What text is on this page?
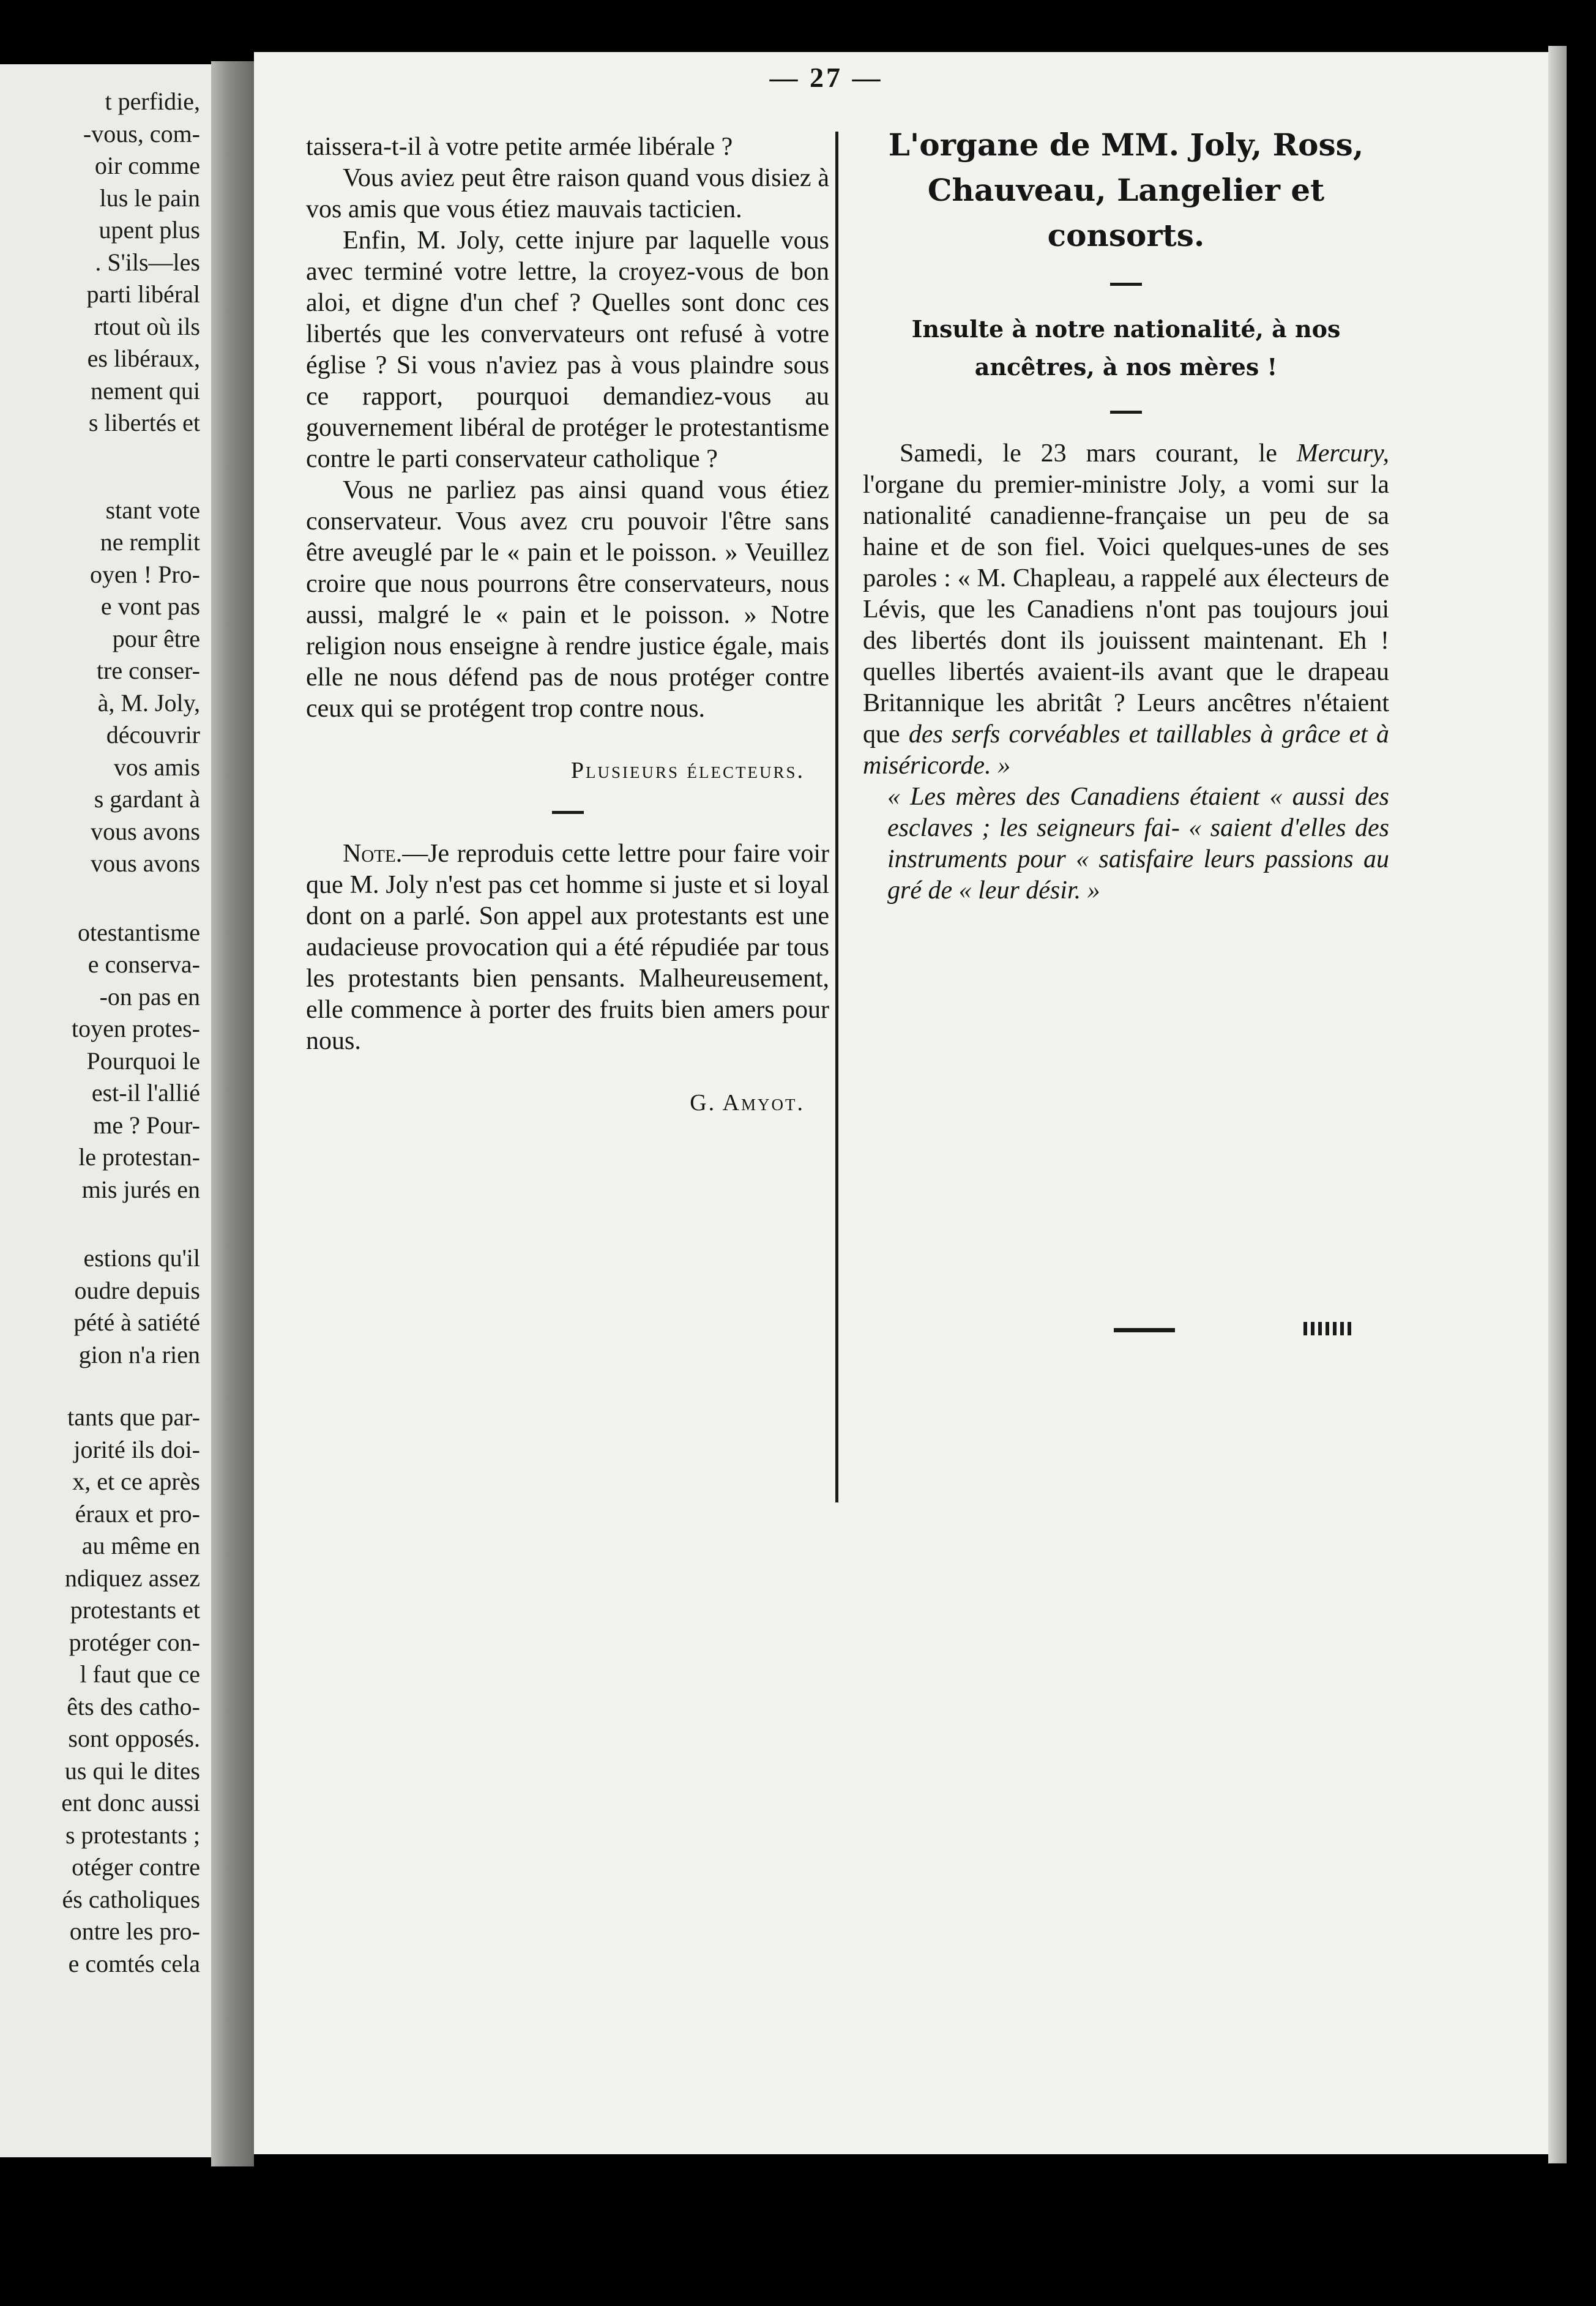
t perfidie,
-vous, com-
oir comme
lus le pain
upent plus
. S'ils—les
parti libéral
rtout où ils
es libéraux,
nement qui
s libertés et
stant vote
ne remplit
oyen ! Pro-
e vont pas
pour être
tre conser-
à, M. Joly,
découvrir
vos amis
s gardant à
vous avons
vous avons
otestantisme
e conserva-
-on pas en
toyen protes-
Pourquoi le
est-il l'allié
me ? Pour-
le protestan-
mis jurés en
estions qu'il
oudre depuis
pété à satiété
gion n'a rien
tants que par-
jorité ils doi-
x, et ce après
éraux et pro-
au même en
ndiquez assez
protestants et
protéger con-
l faut que ce
êts des catho-
sont opposés.
us qui le dites
ent donc aussi
s protestants ;
otéger contre
és catholiques
ontre les pro-
e comtés cela
— 27 —

taissera-t-il à votre petite armée libérale ?

Vous aviez peut être raison quand vous disiez à vos amis que vous étiez mauvais tacticien.

Enfin, M. Joly, cette injure par laquelle vous avec terminé votre lettre, la croyez-vous de bon aloi, et digne d'un chef ? Quelles sont donc ces libertés que les convervateurs ont refusé à votre église ? Si vous n'aviez pas à vous plaindre sous ce rapport, pourquoi demandiez-vous au gouvernement libéral de protéger le protestantisme contre le parti conservateur catholique ?

Vous ne parliez pas ainsi quand vous étiez conservateur. Vous avez cru pouvoir l'être sans être aveuglé par le « pain et le poisson. » Veuillez croire que nous pourrons être conservateurs, nous aussi, malgré le « pain et le poisson. » Notre religion nous enseigne à rendre justice égale, mais elle ne nous défend pas de nous protéger contre ceux qui se protégent trop contre nous.

Plusieurs électeurs.

Note.—Je reproduis cette lettre pour faire voir que M. Joly n'est pas cet homme si juste et si loyal dont on a parlé. Son appel aux protestants est une audacieuse provocation qui a été répudiée par tous les protestants bien pensants. Malheureusement, elle commence à porter des fruits bien amers pour nous.

G. Amyot.

L'organe de MM. Joly, Ross,

Chauveau, Langelier et

consorts.

Insulte à notre nationalité, à nos

ancêtres, à nos mères !

Samedi, le 23 mars courant, le Mercury, l'organe du premier-ministre Joly, a vomi sur la nationalité canadienne-française un peu de sa haine et de son fiel. Voici quelques-unes de ses paroles : « M. Chapleau, a rappelé aux électeurs de Lévis, que les Canadiens n'ont pas toujours joui des libertés dont ils jouissent maintenant. Eh ! quelles libertés avaient-ils avant que le drapeau Britannique les abritât ? Leurs ancêtres n'étaient que des serfs corvéables et taillables à grâce et à miséricorde. »

« Les mères des Canadiens étaient « aussi des esclaves ; les seigneurs fai- « saient d'elles des instruments pour « satisfaire leurs passions au gré de « leur désir. »
